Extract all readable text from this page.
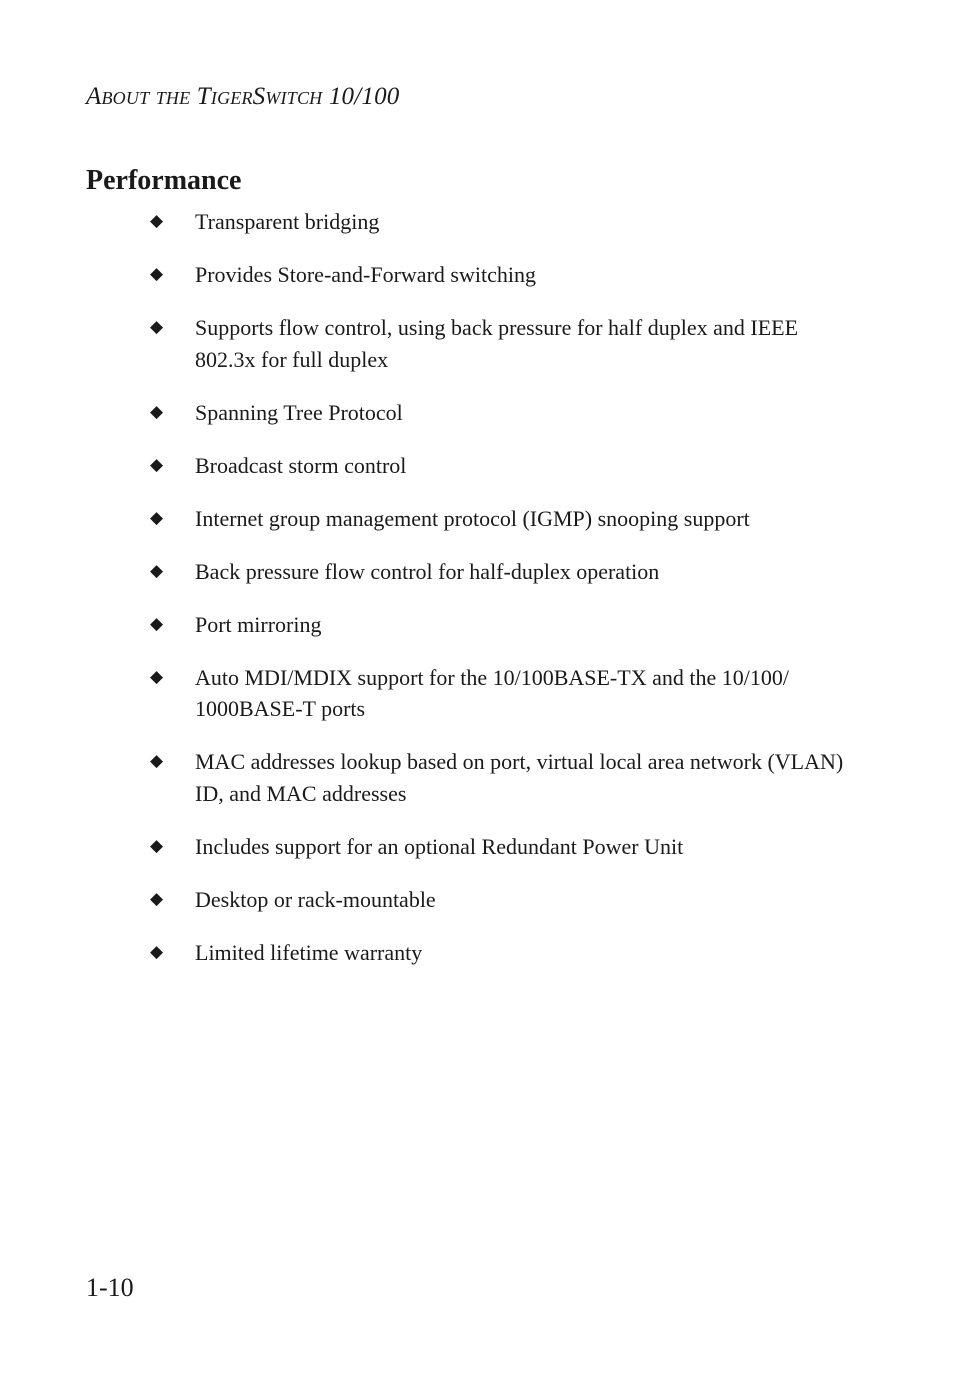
About the TigerSwitch 10/100
Performance
◆ Transparent bridging
◆ Provides Store-and-Forward switching
◆ Supports flow control, using back pressure for half duplex and IEEE 802.3x for full duplex
◆ Spanning Tree Protocol
◆ Broadcast storm control
◆ Internet group management protocol (IGMP) snooping support
◆ Back pressure flow control for half-duplex operation
◆ Port mirroring
◆ Auto MDI/MDIX support for the 10/100BASE-TX and the 10/100/ 1000BASE-T ports
◆ MAC addresses lookup based on port, virtual local area network (VLAN) ID, and MAC addresses
◆ Includes support for an optional Redundant Power Unit
◆ Desktop or rack-mountable
◆ Limited lifetime warranty
1-10
